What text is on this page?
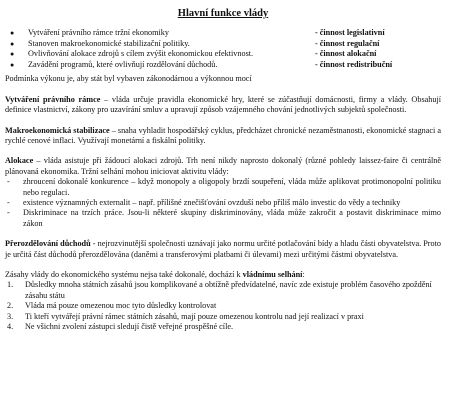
Hlavní funkce vlády
●	Vytváření právního rámce tržní ekonomiky	- činnost legislativní
●	Stanoven makroekonomické stabilizační politiky.	- činnost regulační
●	Ovlivňování alokace zdrojů s cílem zvýšit ekonomickou efektivnost.	- činnost alokační
●	Zavádění programů, které ovlivňují rozdělování důchodů.	- činnost redistribuční

Podmínka výkonu je, aby stát byl vybaven zákonodárnou a výkonnou mocí

Vytváření právního rámce – vláda určuje pravidla ekonomické hry, které se zúčastňují domácnosti, firmy a vlády. Obsahují definice vlastnictví, zákony pro uzavírání smluv a upravují způsob vzájemného chování jednotlivých subjektů společnosti.

Makroekonomická stabilizace – snaha vyhladit hospodářský cyklus, předcházet chronické nezaměstnanosti, ekonomické stagnaci a rychlé cenové inflaci. Využívají monetární a fiskální politiky.

Alokace – vláda asistuje při žádoucí alokaci zdrojů. Trh není nikdy naprosto dokonalý (různé pohledy laissez-faire či centrálně plánovaná ekonomika. Tržní selhání mohou iniciovat aktivitu vlády:

-	zhroucení dokonalé konkurence – když monopoly a oligopoly brzdí soupeření, vláda může aplikovat protimonopolní politiku nebo regulaci.
-	existence významných externalit – např. přílišné znečišťování ovzduší nebo příliš málo investic do vědy a techniky
-	Diskriminace na trzích práce. Jsou-li některé skupiny diskriminovány, vláda může zakročit a postavit diskriminace mimo zákon

Přerozdělování důchodů - nejrozvinutější společnosti uznávají jako normu určité potlačování bídy a hladu části obyvatelstva. Proto je určitá část důchodů přerozdělována (daněmi a transferovými platbami či úlevami) mezi určitými částmi obyvatelstva.

Zásahy vlády do ekonomického systému nejsa také dokonalé, dochází k vládnímu selhání:

1.	Důsledky mnoha státních zásahů jsou komplikované a obtížně předvídatelné, navíc zde existuje problém časového zpoždění zásahu státu
2.	Vláda má pouze omezenou moc tyto důsledky kontrolovat
3.	Ti kteří vytvářejí právní rámec státních zásahů, mají pouze omezenou kontrolu nad její realizací v praxi
4.	Ne všichni zvolení zástupci sledují čistě veřejné prospěšné cíle.
